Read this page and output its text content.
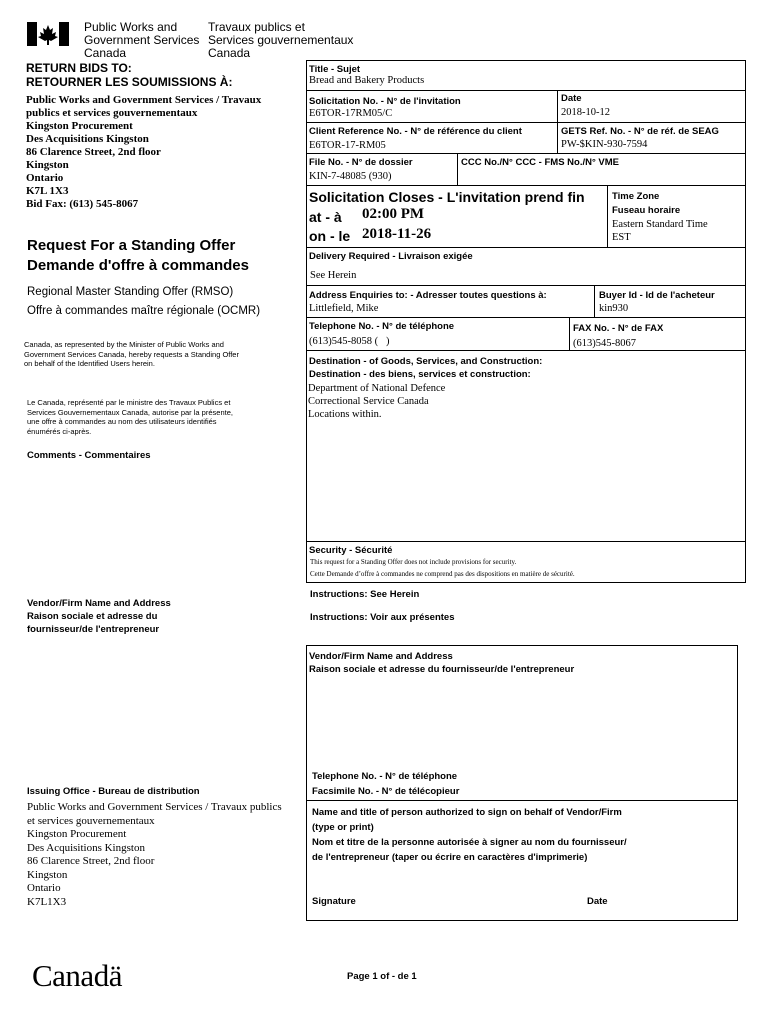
Public Works and
Government Services
Canada
Travaux publics et
Services gouvernementaux
Canada
RETURN BIDS TO:
RETOURNER LES SOUMISSIONS À:
Public Works and Government Services / Travaux
publics et services gouvernementaux
Kingston Procurement
Des Acquisitions Kingston
86 Clarence Street, 2nd floor
Kingston
Ontario
K7L 1X3
Bid Fax: (613) 545-8067
Request For a Standing Offer
Demande d'offre à commandes
Regional Master Standing Offer (RMSO)
Offre à commandes maître régionale (OCMR)
Canada, as represented by the Minister of Public Works and
Government Services Canada, hereby requests a Standing Offer
on behalf of the Identified Users herein.
Le Canada, représenté par le ministre des Travaux Publics et
Services Gouvernementaux Canada, autorise par la présente,
une offre à commandes au nom des utilisateurs identifiés
énumérés ci-après.
Comments - Commentaires
Vendor/Firm Name and Address
Raison sociale et adresse du
fournisseur/de l'entrepreneur
Issuing Office - Bureau de distribution
Public Works and Government Services / Travaux publics
et services gouvernementaux
Kingston Procurement
Des Acquisitions Kingston
86 Clarence Street, 2nd floor
Kingston
Ontario
K7L1X3
Title - Sujet
Bread and Bakery Products
Solicitation No. - N° de l'invitation
E6TOR-17RM05/C
Date
2018-10-12
Client Reference No. - N° de référence du client
E6TOR-17-RM05
GETS Ref. No. - N° de réf. de SEAG
PW-$KIN-930-7594
File No. - N° de dossier
KIN-7-48085 (930)
CCC No./N° CCC - FMS No./N° VME
Solicitation Closes - L'invitation prend fin
at - à 02:00 PM
on - le 2018-11-26
Time Zone
Fuseau horaire
Eastern Standard Time
EST
Delivery Required - Livraison exigée
See Herein
Address Enquiries to: - Adresser toutes questions à:
Littlefield, Mike
Buyer Id - Id de l'acheteur
kin930
Telephone No. - N° de téléphone
(613)545-8058 (   )
FAX No. - N° de FAX
(613)545-8067
Destination - of Goods, Services, and Construction:
Destination - des biens, services et construction:
Department of National Defence
Correctional Service Canada
Locations within.
Security - Sécurité
This request for a Standing Offer does not include provisions for security.
Cette Demande d’offre à commandes ne comprend pas des dispositions en matière de sécurité.
Instructions: See Herein
Instructions: Voir aux présentes
Vendor/Firm Name and Address
Raison sociale et adresse du fournisseur/de l'entrepreneur
Telephone No. - N° de téléphone
Facsimile No. - N° de télécopieur
Name and title of person authorized to sign on behalf of Vendor/Firm
(type or print)
Nom et titre de la personne autorisée à signer au nom du fournisseur/
de l'entrepreneur (taper ou écrire en caractères d'imprimerie)
Signature	Date
Canadä	Page 1 of - de 1
